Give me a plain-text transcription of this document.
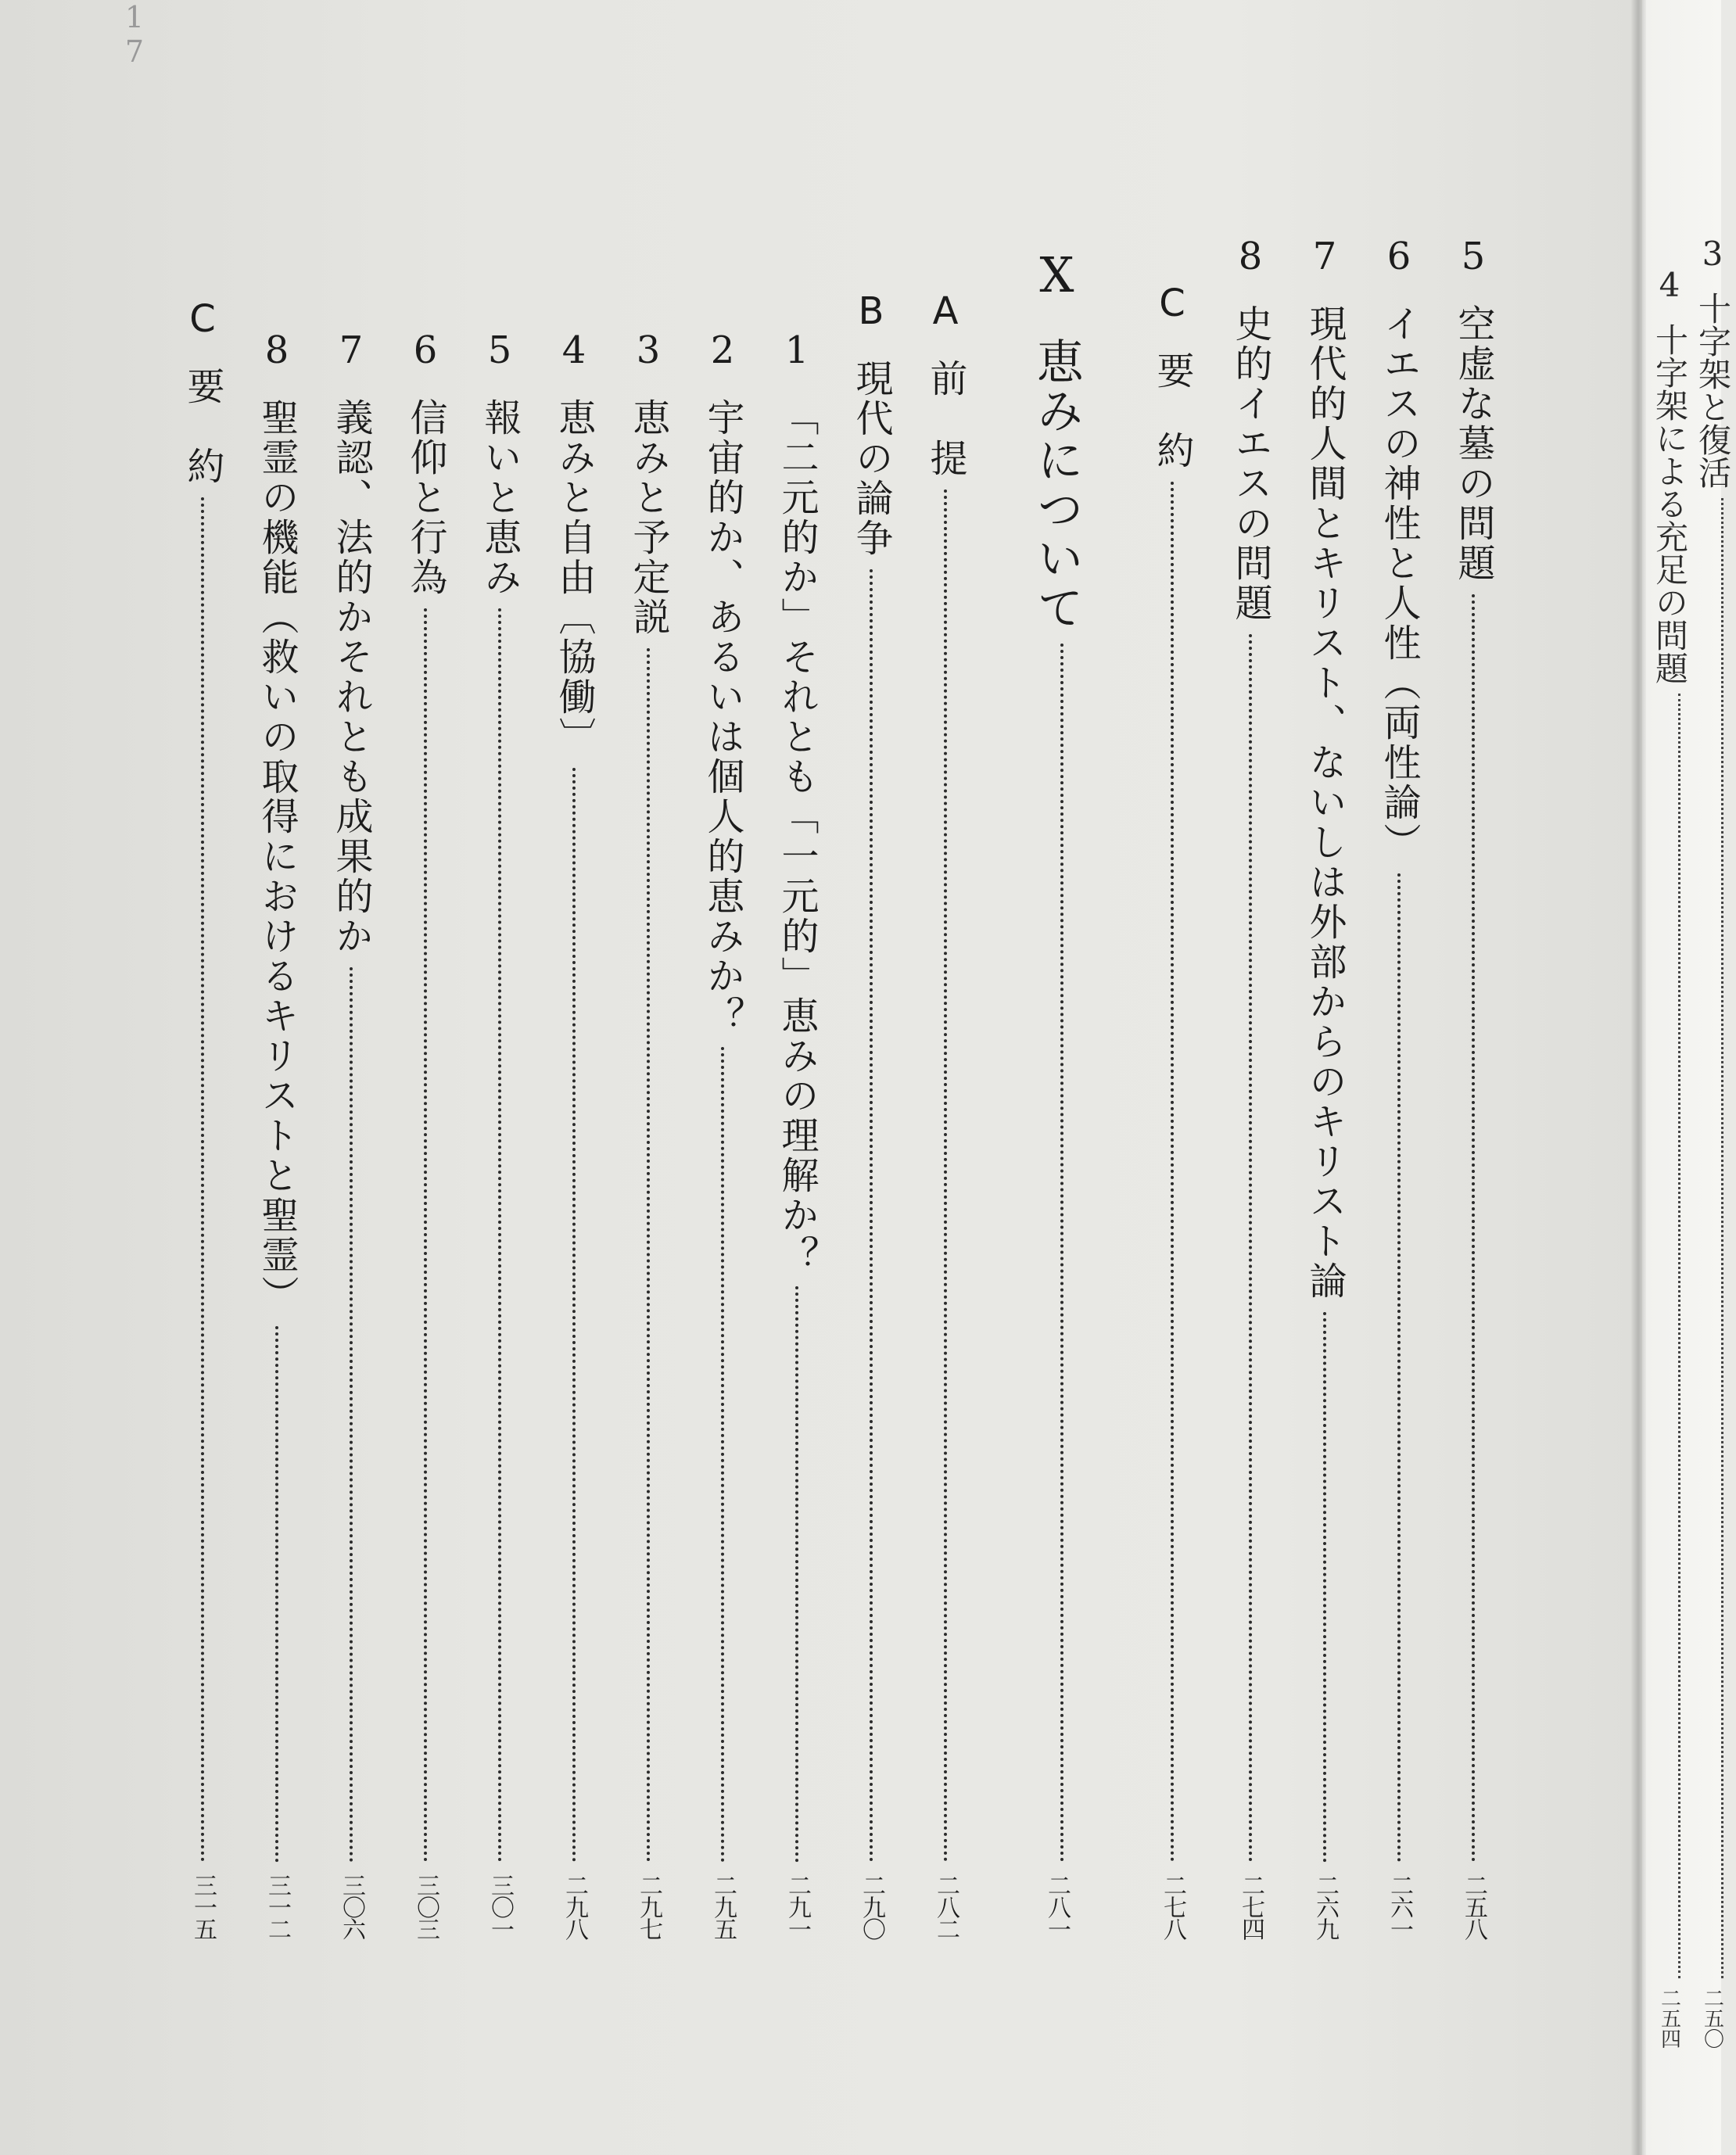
17
5
空虚な墓の問題
二五八
6
イエスの神性と人性（両性論）
二六一
7
現代的人間とキリスト、ないしは外部からのキリスト論
二六九
8
史的イエスの問題
二七四
C
要　約
二七八
X
恵みについて
二八一
A
前　提
二八二
B
現代の論争
二九〇
1
「二元的か」それとも「一元的」恵みの理解か？
二九一
2
宇宙的か、あるいは個人的恵みか？
二九五
3
恵みと予定説
二九七
4
恵みと自由〔協働〕
二九八
5
報いと恵み
三〇一
6
信仰と行為
三〇三
7
義認、法的かそれとも成果的か
三〇六
8
聖霊の機能（救いの取得におけるキリストと聖霊）
三一二
C
要　約
三一五
3
十字架と復活
二五〇
4
十字架による充足の問題
二五四
